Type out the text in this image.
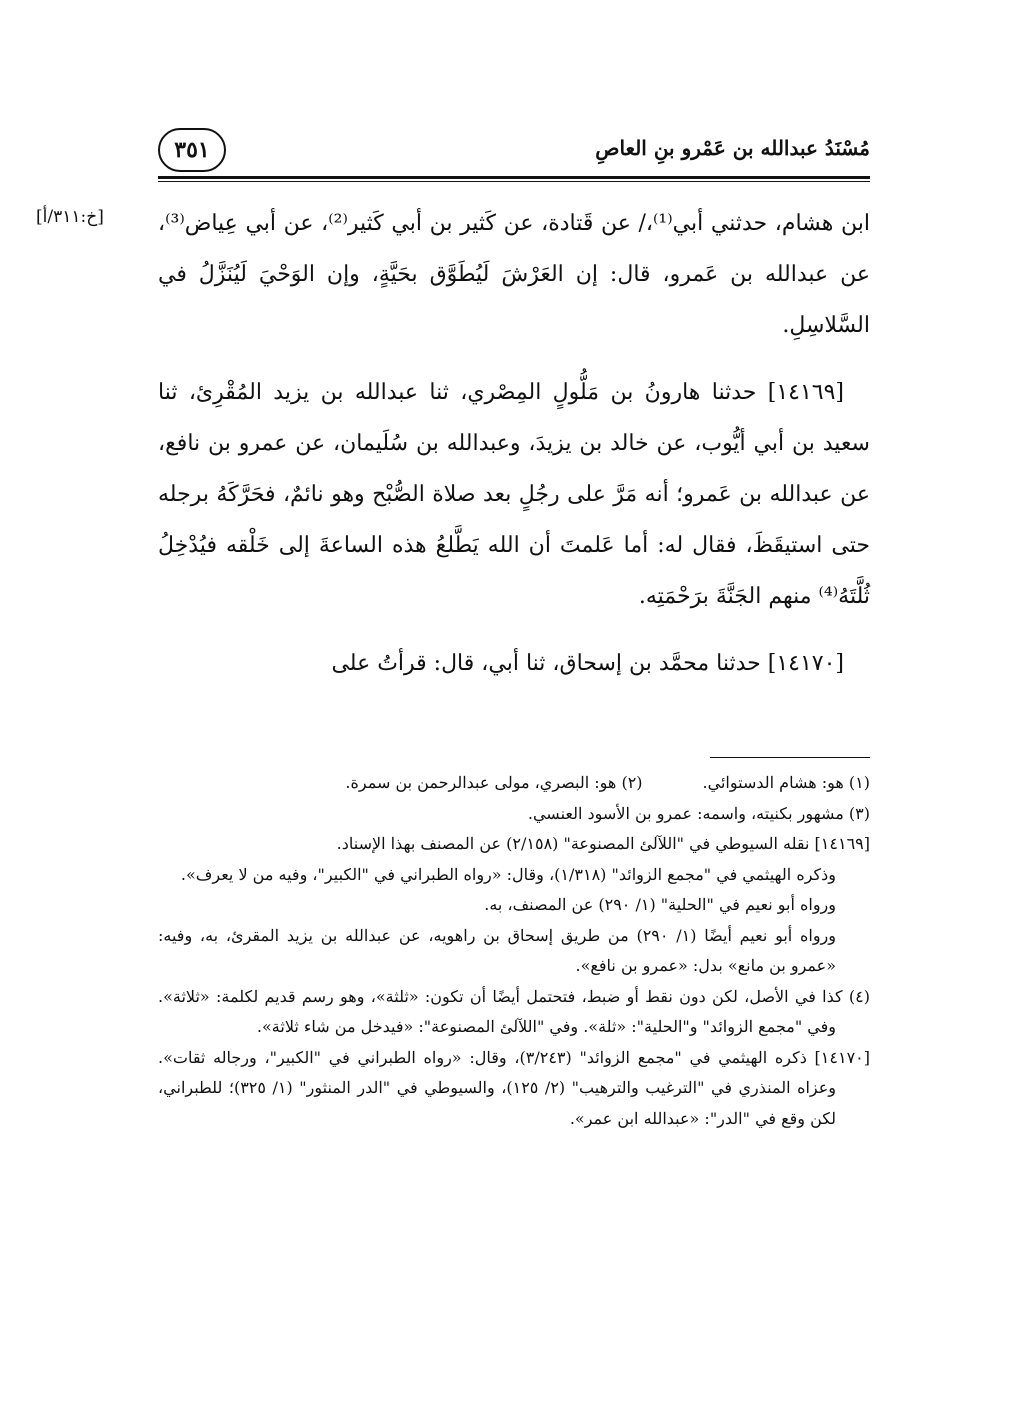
مُسْنَدُ عبدالله بن عَمْرو بنِ العاصِ
٣٥١
[خ:٣١١/أ] ابن هشام، حدثني أبي⁽¹⁾،/ عن قَتادة، عن كَثير بن أبي كَثير⁽²⁾، عن أبي عِياض⁽³⁾، عن عبدالله بن عَمرو، قال: إن العَرْشَ لَيُطَوَّق بحَيَّةٍ، وإن الوَحْيَ لَيُنَزَّلُ في السَّلاسِلِ.

[١٤١٦٩] حدثنا هارونُ بن مَلُّولٍ المِصْري، ثنا عبدالله بن يزيد المُقْرِئ، ثنا سعيد بن أبي أيُّوب، عن خالد بن يزيدَ، وعبدالله بن سُلَيمان، عن عمرو بن نافع، عن عبدالله بن عَمرو؛ أنه مَرَّ على رجُلٍ بعد صلاة الصُّبْح وهو نائمٌ، فحَرَّكَهُ برجله حتى استيقَظَ، فقال له: أما عَلمتَ أن الله يَطَّلعُ هذه الساعةَ إلى خَلْقه فيُدْخِلُ ثُلَّتَهُ⁽⁴⁾ منهم الجَنَّةَ برَحْمَتِه.

[١٤١٧٠] حدثنا محمَّد بن إسحاق، ثنا أبي، قال: قرأتُ على

(١) هو: هشام الدستوائي.
(٢) هو: البصري، مولى عبدالرحمن بن سمرة.
(٣) مشهور بكنيته، واسمه: عمرو بن الأسود العنسي.
[١٤١٦٩] نقله السيوطي في "اللآلئ المصنوعة" (٢/١٥٨) عن المصنف بهذا الإسناد.
وذكره الهيثمي في "مجمع الزوائد" (١/٣١٨)، وقال: «رواه الطبراني في "الكبير"، وفيه من لا يعرف».
ورواه أبو نعيم في "الحلية" (١/ ٢٩٠) عن المصنف، به.
ورواه أبو نعيم أيضًا (١/ ٢٩٠) من طريق إسحاق بن راهويه، عن عبدالله بن يزيد المقرئ، به، وفيه: «عمرو بن مانع» بدل: «عمرو بن نافع».
(٤) كذا في الأصل، لكن دون نقط أو ضبط، فتحتمل أيضًا أن تكون: «ثلثة»، وهو رسم قديم لكلمة: «ثلاثة». وفي "مجمع الزوائد" و"الحلية": «ثلة». وفي "اللآلئ المصنوعة": «فيدخل من شاء ثلاثة».
[١٤١٧٠] ذكره الهيثمي في "مجمع الزوائد" (٣/٢٤٣)، وقال: «رواه الطبراني في "الكبير"، ورجاله ثقات». وعزاه المنذري في "الترغيب والترهيب" (٢/ ١٢٥)، والسيوطي في "الدر المنثور" (١/ ٣٢٥)؛ للطبراني، لكن وقع في "الدر": «عبدالله ابن عمر».
